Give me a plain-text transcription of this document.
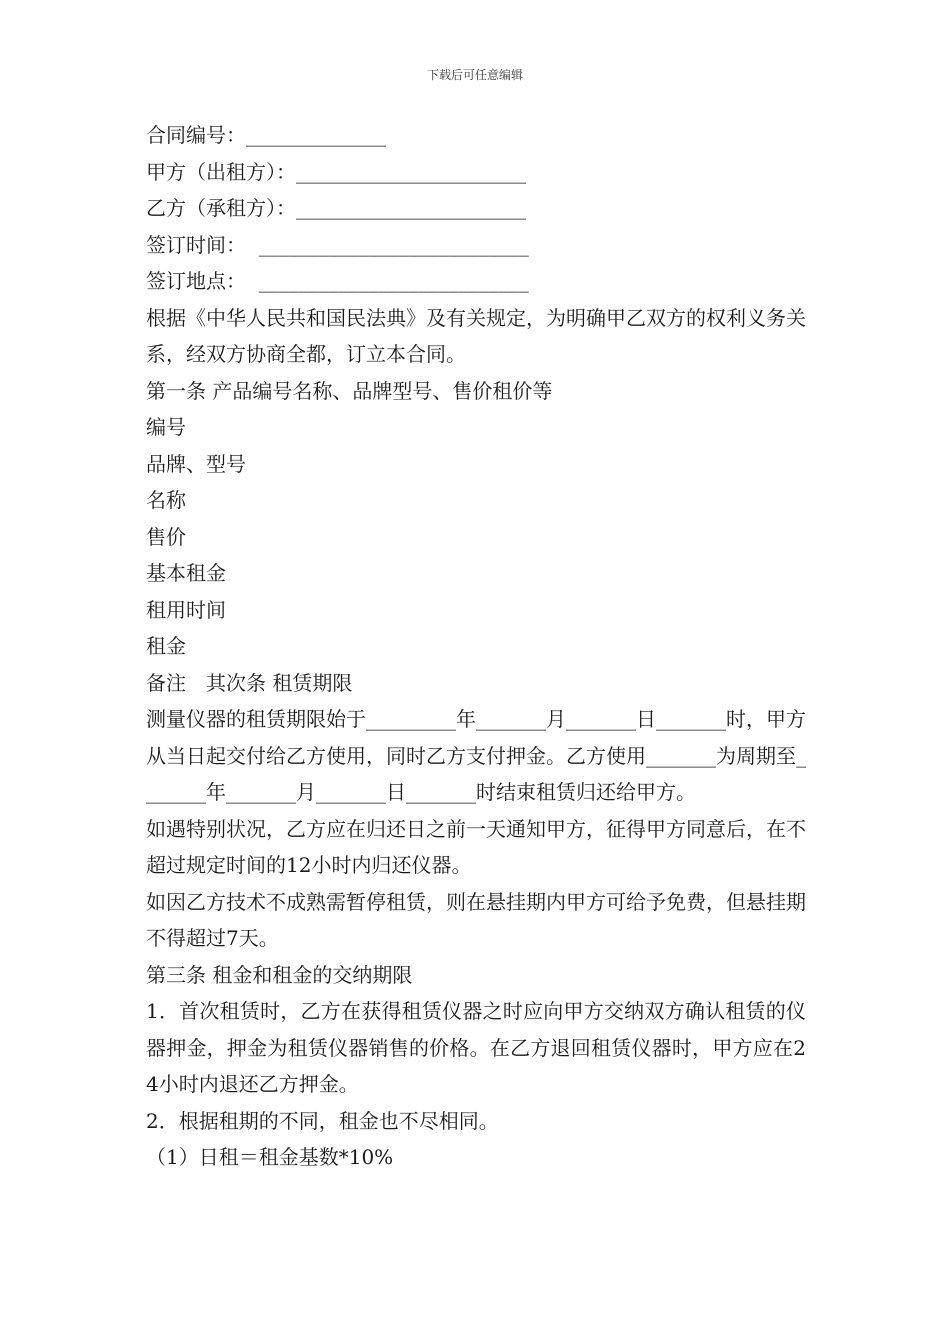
下载后可任意编辑

合同编号：______________

甲方（出租方）：_______________________

乙方（承租方）：_______________________

签订时间：  ___________________________

签订地点：  ___________________________

根据《中华人民共和国民法典》及有关规定，为明确甲乙双方的权利义务关系，经双方协商全都，订立本合同。

第一条 产品编号名称、品牌型号、售价租价等

编号

品牌、型号

名称

售价

基本租金

租用时间

租金

备注　其次条 租赁期限

测量仪器的租赁期限始于_________年_______月_______日_______时，甲方从当日起交付给乙方使用，同时乙方支付押金。乙方使用_______为周期至_______年_______月_______日_______时结束租赁归还给甲方。

如遇特别状况，乙方应在归还日之前一天通知甲方，征得甲方同意后，在不超过规定时间的12小时内归还仪器。

如因乙方技术不成熟需暂停租赁，则在悬挂期内甲方可给予免费，但悬挂期不得超过7天。

第三条 租金和租金的交纳期限

1．首次租赁时，乙方在获得租赁仪器之时应向甲方交纳双方确认租赁的仪器押金，押金为租赁仪器销售的价格。在乙方退回租赁仪器时，甲方应在24小时内退还乙方押金。

2．根据租期的不同，租金也不尽相同。

（1）日租＝租金基数*10%
